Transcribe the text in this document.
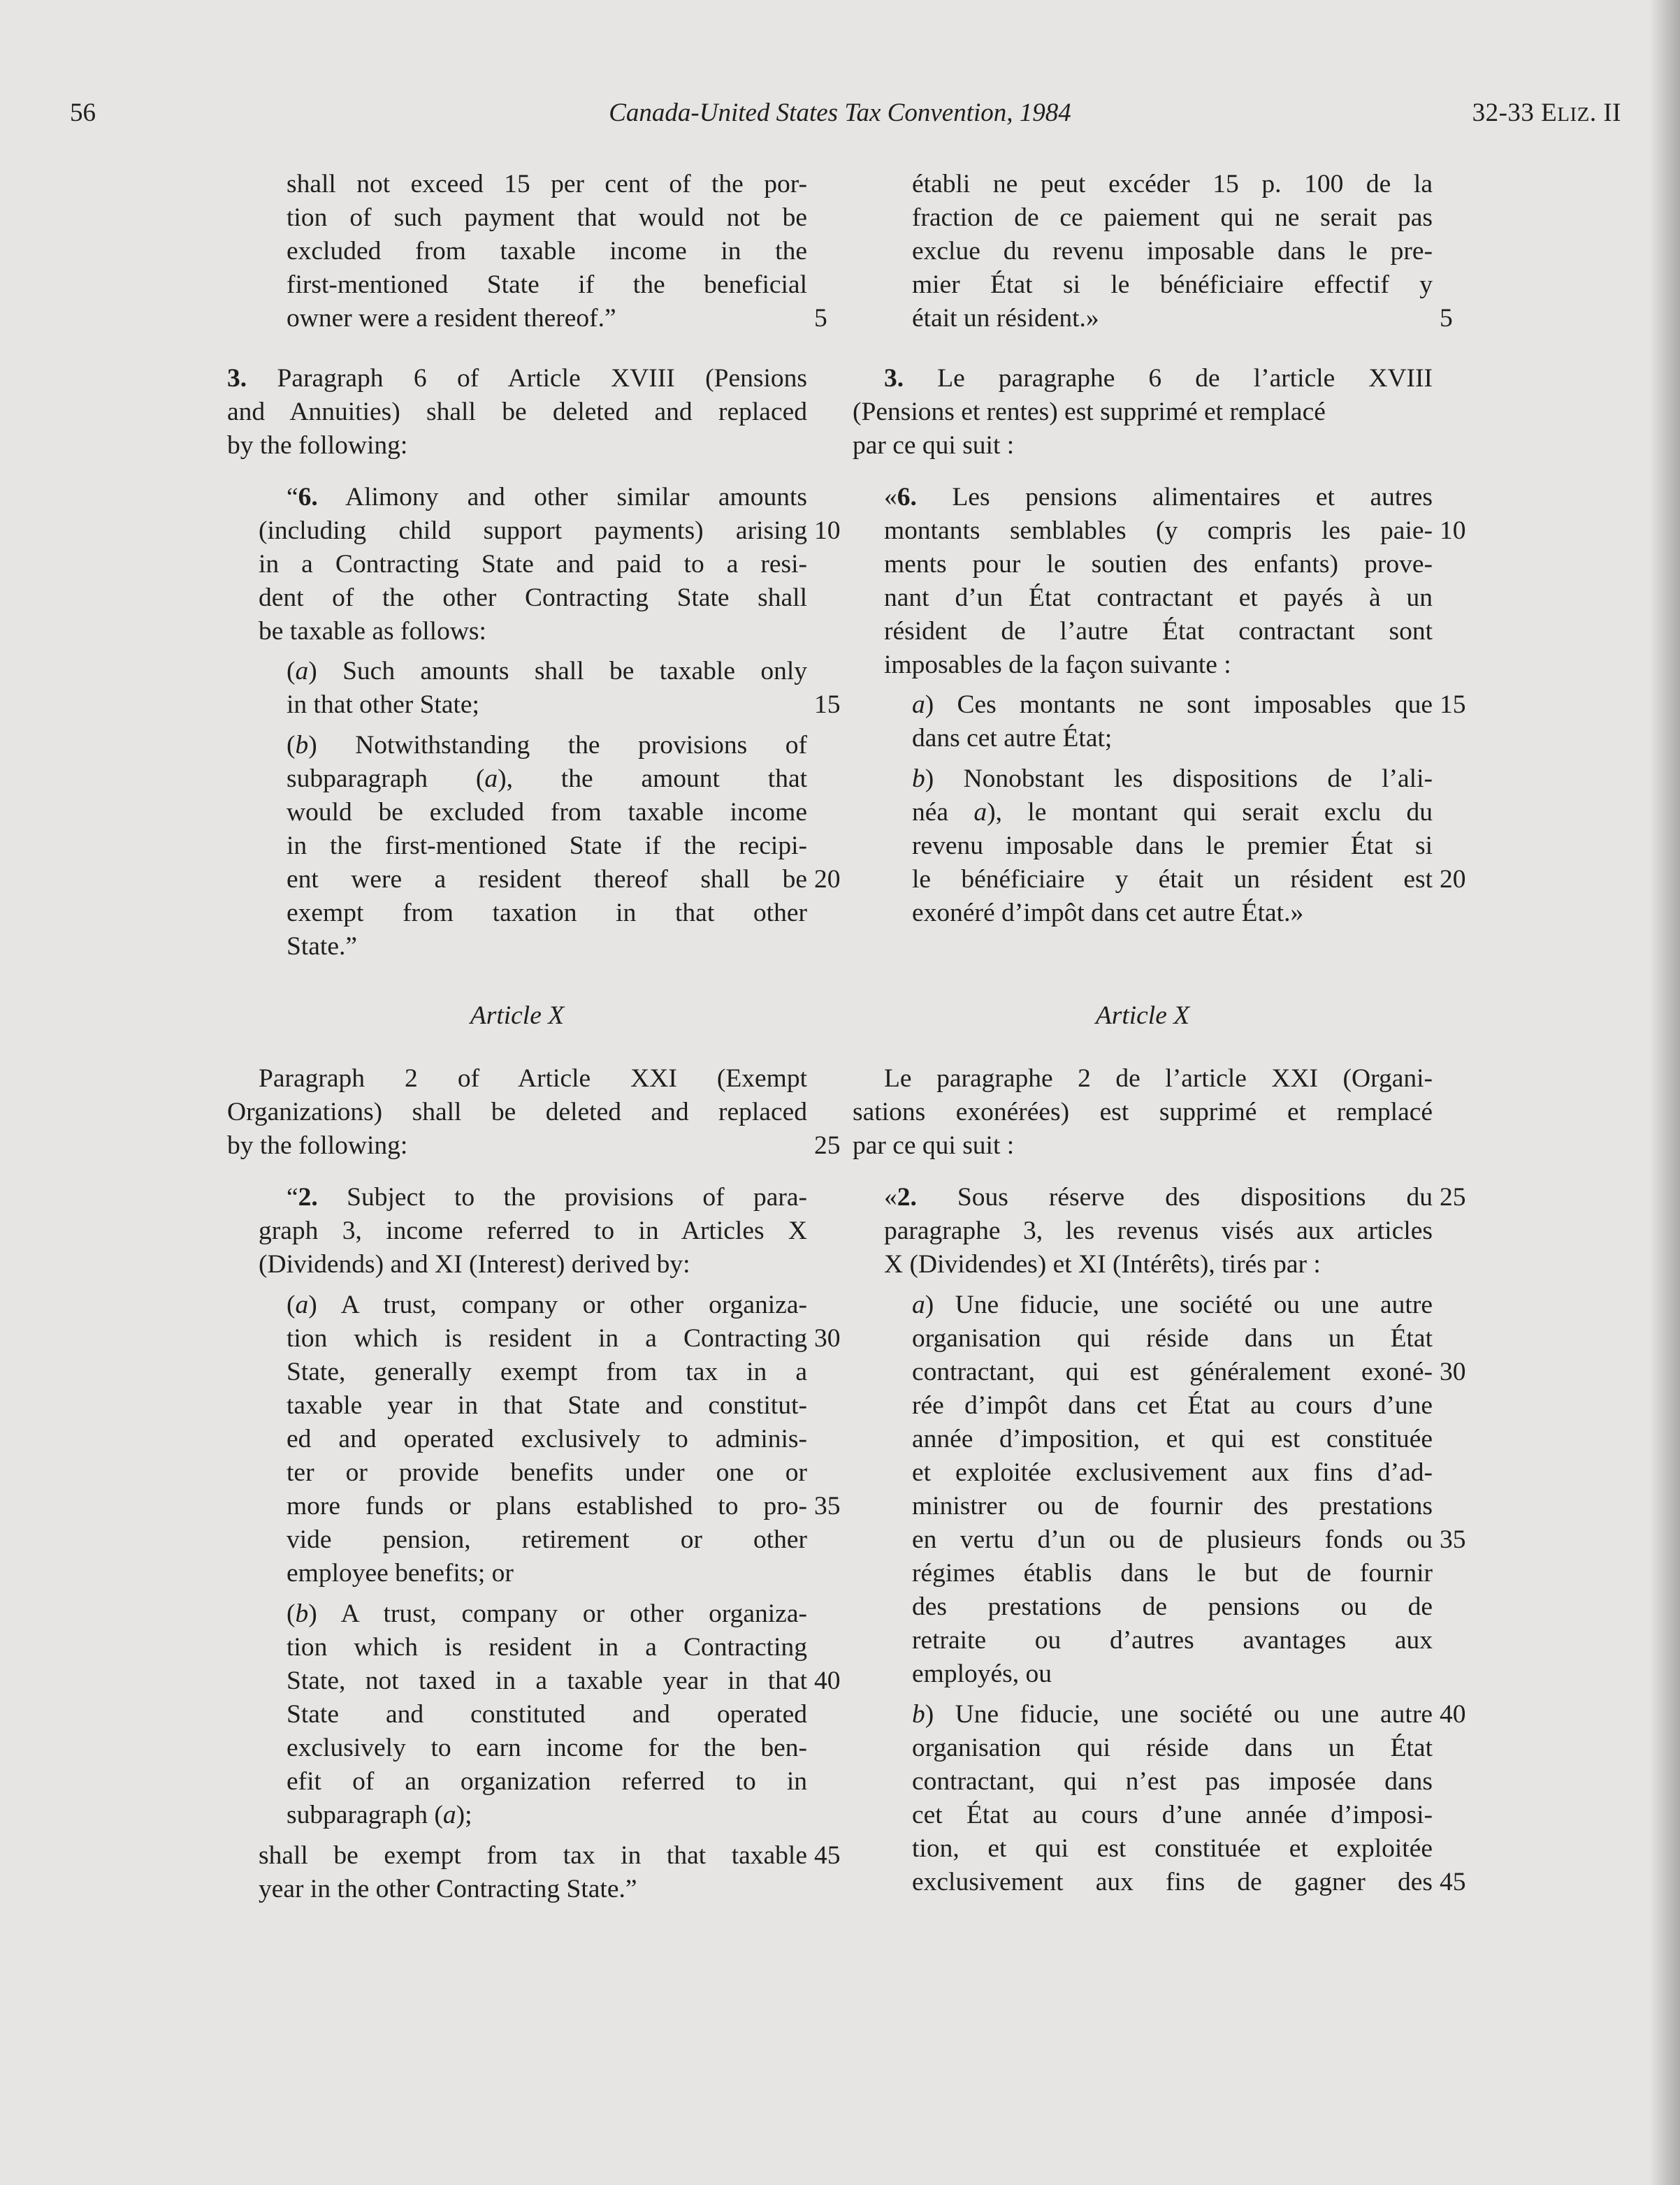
56	Canada-United States Tax Convention, 1984	32-33 ELIZ. II
shall not exceed 15 per cent of the por-
tion of such payment that would not be
excluded from taxable income in the
first-mentioned State if the beneficial
owner were a resident thereof.”
3. Paragraph 6 of Article XVIII (Pensions
and Annuities) shall be deleted and replaced
by the following:
“6. Alimony and other similar amounts
(including child support payments) arising
in a Contracting State and paid to a resi-
dent of the other Contracting State shall
be taxable as follows:
(a) Such amounts shall be taxable only
in that other State;
(b) Notwithstanding the provisions of
subparagraph (a), the amount that
would be excluded from taxable income
in the first-mentioned State if the recipi-
ent were a resident thereof shall be
exempt from taxation in that other
State.”
Article X
Paragraph 2 of Article XXI (Exempt
Organizations) shall be deleted and replaced
by the following:
“2. Subject to the provisions of para-
graph 3, income referred to in Articles X
(Dividends) and XI (Interest) derived by:
(a) A trust, company or other organiza-
tion which is resident in a Contracting
State, generally exempt from tax in a
taxable year in that State and constitut-
ed and operated exclusively to adminis-
ter or provide benefits under one or
more funds or plans established to pro-
vide pension, retirement or other
employee benefits; or
(b) A trust, company or other organiza-
tion which is resident in a Contracting
State, not taxed in a taxable year in that
State and constituted and operated
exclusively to earn income for the ben-
efit of an organization referred to in
subparagraph (a);
shall be exempt from tax in that taxable
year in the other Contracting State.”
5
10
15
20
25
30
35
40
45
établi ne peut excéder 15 p. 100 de la
fraction de ce paiement qui ne serait pas
exclue du revenu imposable dans le pre-
mier État si le bénéficiaire effectif y
était un résident.»
3. Le paragraphe 6 de l’article XVIII
(Pensions et rentes) est supprimé et remplacé
par ce qui suit :
«6. Les pensions alimentaires et autres
montants semblables (y compris les paie-
ments pour le soutien des enfants) prove-
nant d’un État contractant et payés à un
résident de l’autre État contractant sont
imposables de la façon suivante :
a) Ces montants ne sont imposables que
dans cet autre État;
b) Nonobstant les dispositions de l’ali-
néa a), le montant qui serait exclu du
revenu imposable dans le premier État si
le bénéficiaire y était un résident est
exonéré d’impôt dans cet autre État.»
Article X
Le paragraphe 2 de l’article XXI (Organi-
sations exonérées) est supprimé et remplacé
par ce qui suit :
«2. Sous réserve des dispositions du
paragraphe 3, les revenus visés aux articles
X (Dividendes) et XI (Intérêts), tirés par :
a) Une fiducie, une société ou une autre
organisation qui réside dans un État
contractant, qui est généralement exoné-
rée d’impôt dans cet État au cours d’une
année d’imposition, et qui est constituée
et exploitée exclusivement aux fins d’ad-
ministrer ou de fournir des prestations
en vertu d’un ou de plusieurs fonds ou
régimes établis dans le but de fournir
des prestations de pensions ou de
retraite ou d’autres avantages aux
employés, ou
b) Une fiducie, une société ou une autre
organisation qui réside dans un État
contractant, qui n’est pas imposée dans
cet État au cours d’une année d’imposi-
tion, et qui est constituée et exploitée
exclusivement aux fins de gagner des
5
10
15
20
25
30
35
40
45
